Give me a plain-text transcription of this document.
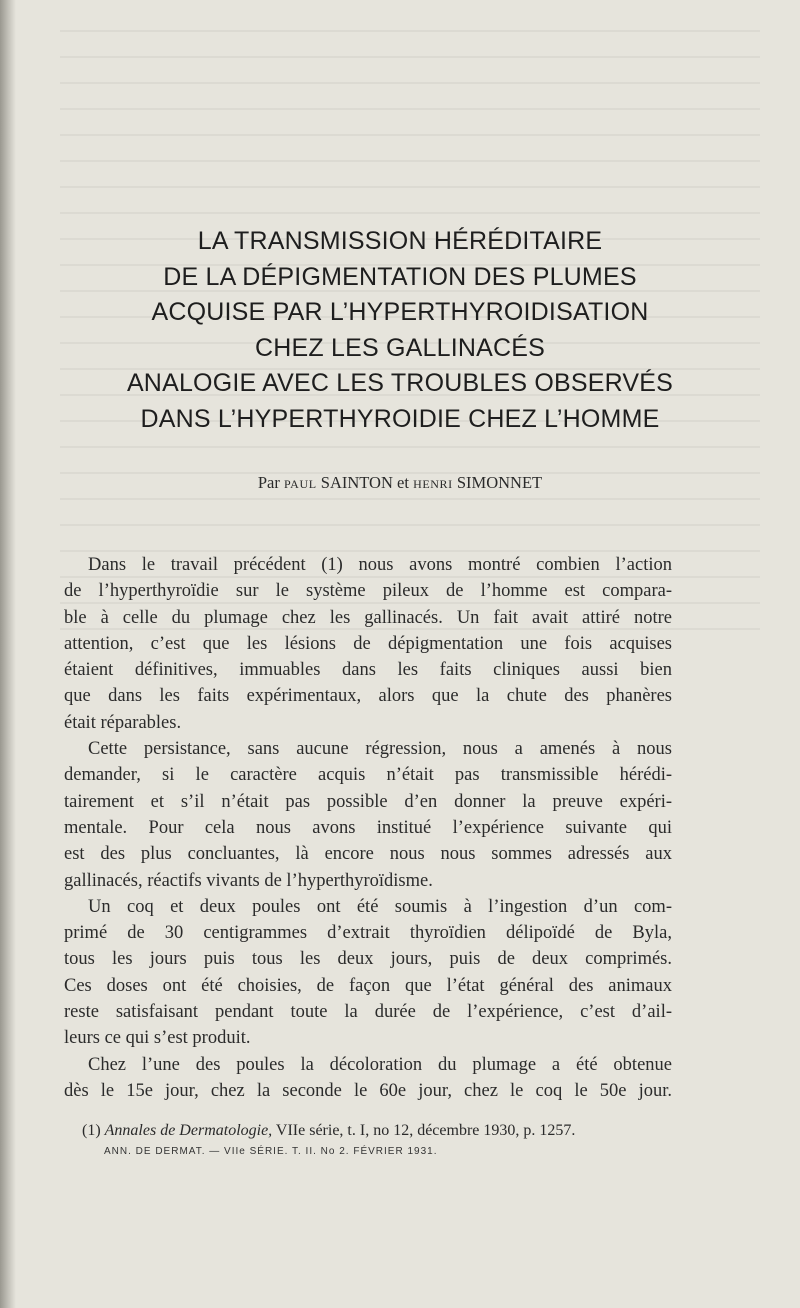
LA TRANSMISSION HÉRÉDITAIRE
DE LA DÉPIGMENTATION DES PLUMES
ACQUISE PAR L’HYPERTHYROIDISATION
CHEZ LES GALLINACÉS
ANALOGIE AVEC LES TROUBLES OBSERVÉS
DANS L’HYPERTHYROIDIE CHEZ L’HOMME
Par PAUL SAINTON et HENRI SIMONNET
Dans le travail précédent (1) nous avons montré combien l’action
de l’hyperthyroïdie sur le système pileux de l’homme est compara-
ble à celle du plumage chez les gallinacés. Un fait avait attiré notre
attention, c’est que les lésions de dépigmentation une fois acquises
étaient définitives, immuables dans les faits cliniques aussi bien
que dans les faits expérimentaux, alors que la chute des phanères
était réparables.
Cette persistance, sans aucune régression, nous a amenés à nous
demander, si le caractère acquis n’était pas transmissible hérédi-
tairement et s’il n’était pas possible d’en donner la preuve expéri-
mentale. Pour cela nous avons institué l’expérience suivante qui
est des plus concluantes, là encore nous nous sommes adressés aux
gallinacés, réactifs vivants de l’hyperthyroïdisme.
Un coq et deux poules ont été soumis à l’ingestion d’un com-
primé de 30 centigrammes d’extrait thyroïdien délipoïdé de Byla,
tous les jours puis tous les deux jours, puis de deux comprimés.
Ces doses ont été choisies, de façon que l’état général des animaux
reste satisfaisant pendant toute la durée de l’expérience, c’est d’ail-
leurs ce qui s’est produit.
Chez l’une des poules la décoloration du plumage a été obtenue
dès le 15e jour, chez la seconde le 60e jour, chez le coq le 50e jour.
(1) Annales de Dermatologie, VIIe série, t. I, no 12, décembre 1930, p. 1257.
ANN. DE DERMAT. — VIIe SÉRIE. T. II. No 2. FÉVRIER 1931.
